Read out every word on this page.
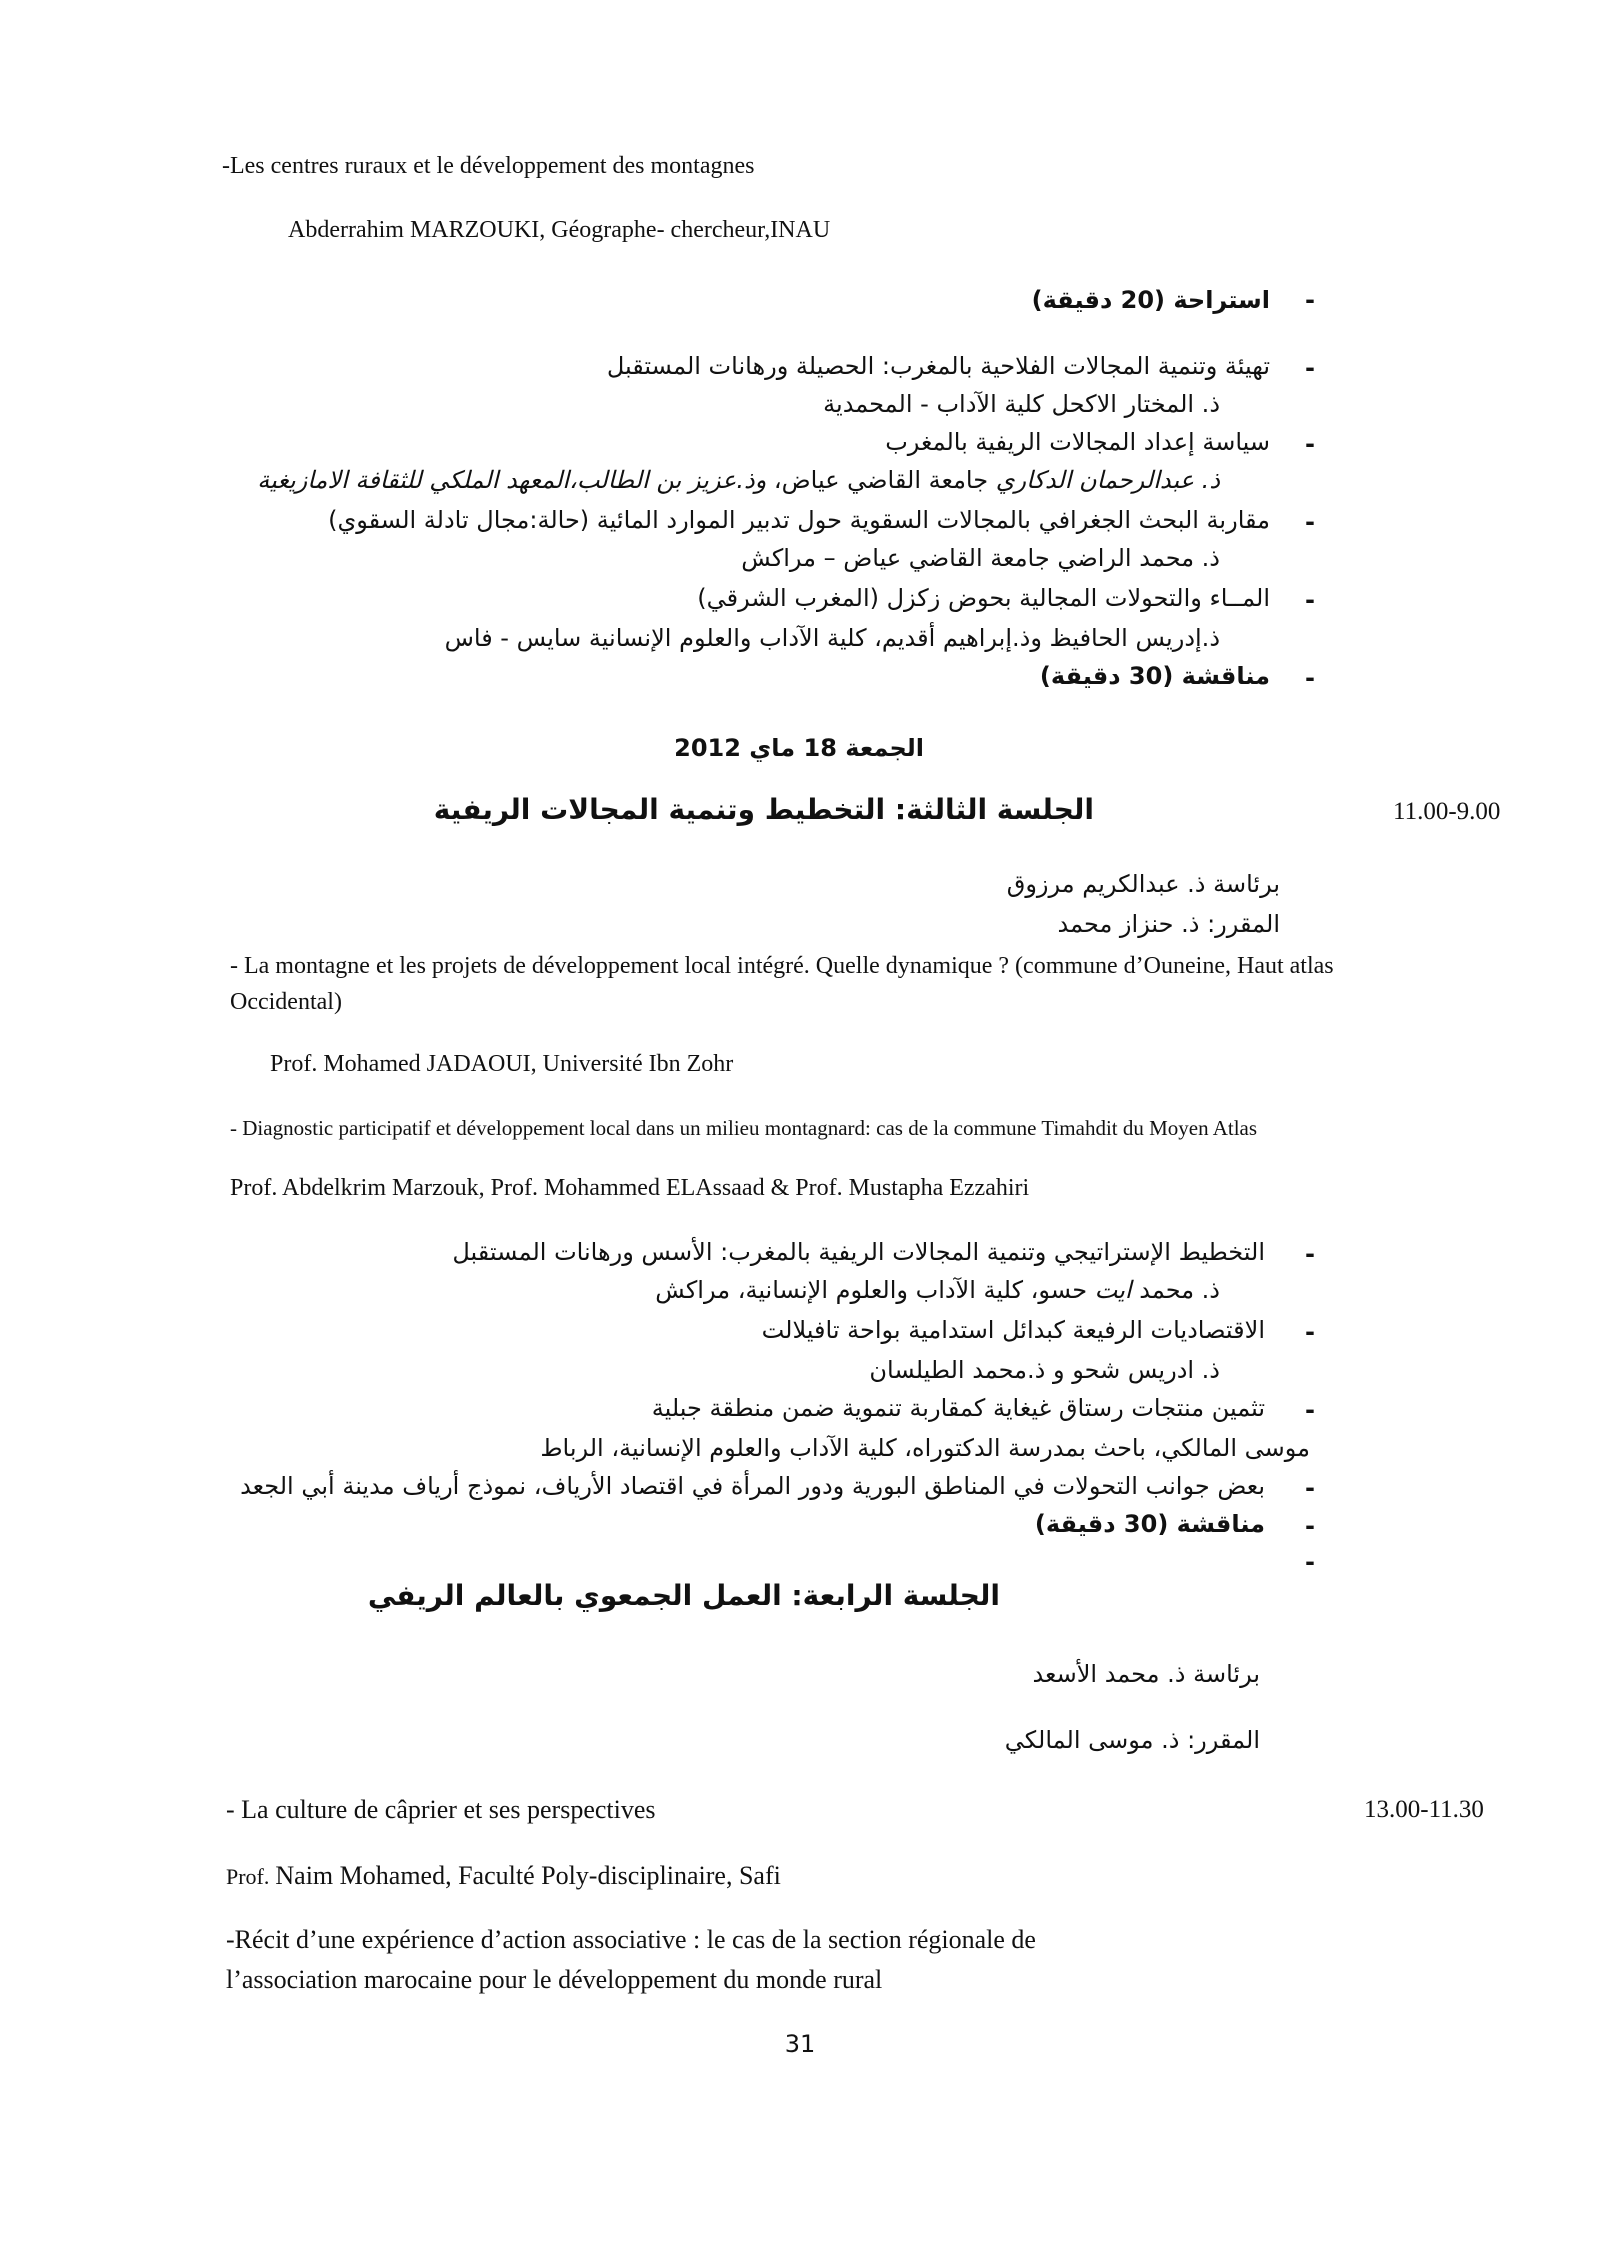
-Les centres ruraux et le développement des montagnes
Abderrahim MARZOUKI, Géographe- chercheur,INAU
-
استراحة (20 دقيقة)
-
تهيئة وتنمية المجالات الفلاحية بالمغرب: الحصيلة ورهانات المستقبل
ذ. المختار الاكحل كلية الآداب - المحمدية
-
سياسة إعداد المجالات الريفية بالمغرب
ذ. عبدالرحمان الدكاري جامعة القاضي عياض، وذ.عزيز بن الطالب،المعهد الملكي للثقافة الامازيغية
-
مقاربة البحث الجغرافي بالمجالات السقوية حول تدبير الموارد المائية (حالة:مجال تادلة السقوي)
ذ. محمد الراضي جامعة القاضي عياض – مراكش
-
المــاء والتحولات المجالية بحوض زكزل (المغرب الشرقي)
ذ.إدريس الحافيظ وذ.إبراهيم أقديم، كلية الآداب والعلوم الإنسانية سايس - فاس
-
مناقشة (30 دقيقة)
الجمعة 18 ماي 2012
11.00-9.00
الجلسة الثالثة: التخطيط وتنمية المجالات الريفية
برئاسة ذ. عبدالكريم مرزوق
المقرر: ذ. حنزاز محمد
- La montagne et les projets de développement local intégré. Quelle dynamique ? (commune d’Ouneine, Haut atlas
Occidental)
Prof. Mohamed JADAOUI, Université Ibn Zohr
- Diagnostic participatif et développement local dans un milieu montagnard: cas de la commune Timahdit du Moyen Atlas
Prof. Abdelkrim Marzouk, Prof. Mohammed ELAssaad & Prof. Mustapha Ezzahiri
-
التخطيط الإستراتيجي وتنمية المجالات الريفية بالمغرب: الأسس ورهانات المستقبل
ذ. محمد ايت حسو، كلية الآداب والعلوم الإنسانية، مراكش
-
الاقتصاديات الرفيعة كبدائل استدامية بواحة تافيلالت
ذ. ادريس شحو و ذ.محمد الطيلسان
-
تثمين منتجات رستاق غيغاية كمقاربة تنموية ضمن منطقة جبلية
موسى المالكي، باحث بمدرسة الدكتوراه، كلية الآداب والعلوم الإنسانية، الرباط
-
بعض جوانب التحولات في المناطق البورية ودور المرأة في اقتصاد الأرياف، نموذج أرياف مدينة أبي الجعد
-
مناقشة (30 دقيقة)
-
الجلسة الرابعة: العمل الجمعوي بالعالم الريفي
برئاسة ذ. محمد الأسعد
المقرر: ذ. موسى المالكي
13.00-11.30
- La culture de câprier et ses perspectives
Prof. Naim Mohamed, Faculté Poly-disciplinaire, Safi
-Récit d’une expérience d’action associative : le cas de la section régionale de
l’association marocaine pour le développement du monde rural
31
